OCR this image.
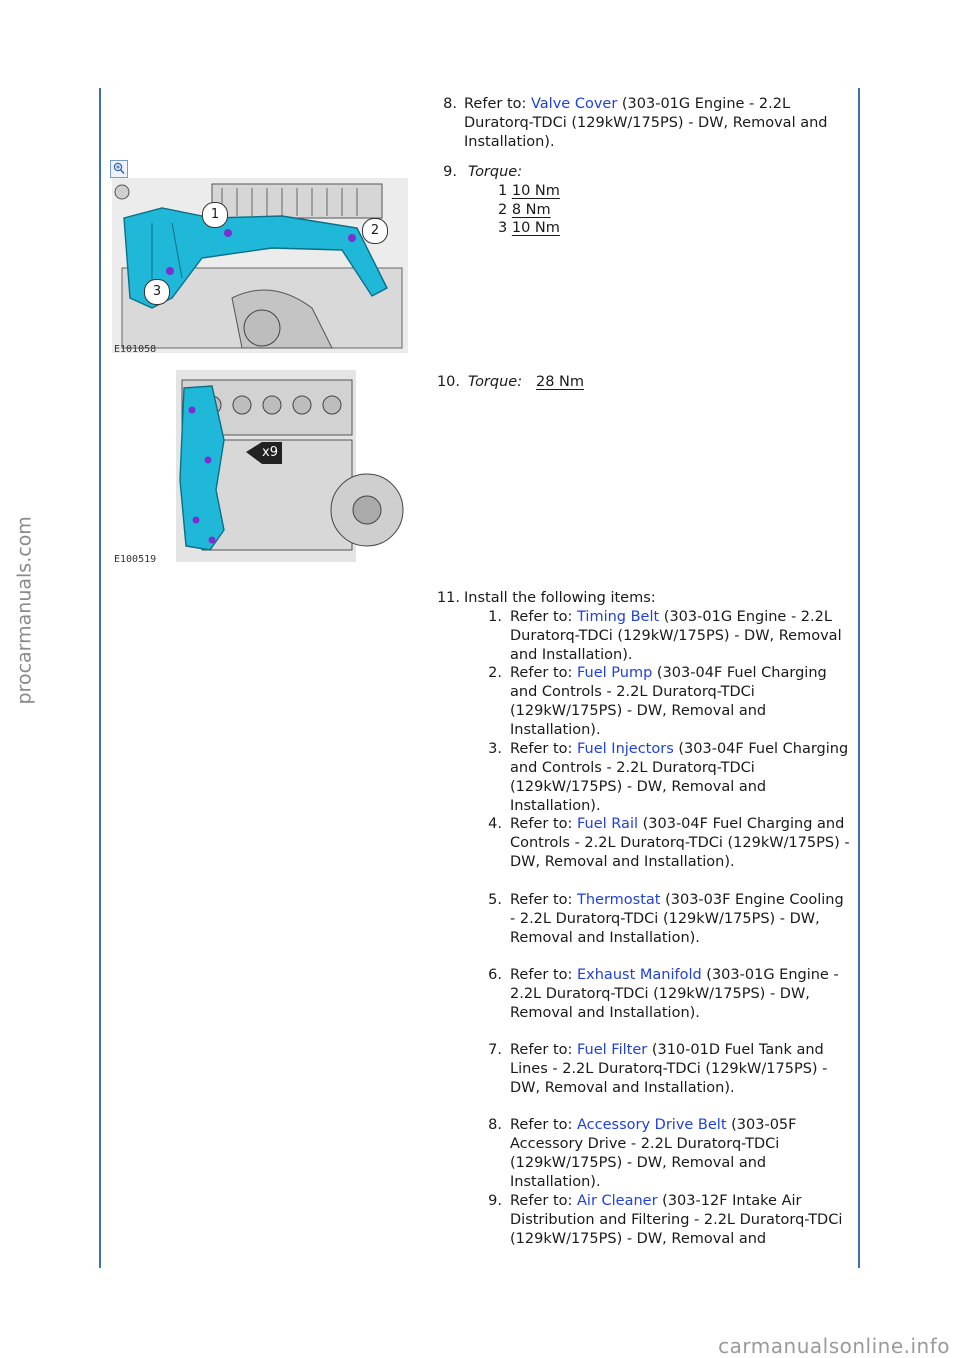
procarmanuals.com
carmanualsonline.info
8. Refer to: Valve Cover (303-01G Engine - 2.2L Duratorq-TDCi (129kW/175PS) - DW, Removal and Installation).
1
2
3
E101058
9. Torque:
1 10 Nm
2 8 Nm
3 10 Nm
x9
E100519
10. Torque: 28 Nm
11. Install the following items:
1. Refer to: Timing Belt (303-01G Engine - 2.2L Duratorq-TDCi (129kW/175PS) - DW, Removal and Installation).
2. Refer to: Fuel Pump (303-04F Fuel Charging and Controls - 2.2L Duratorq-TDCi (129kW/175PS) - DW, Removal and Installation).
3. Refer to: Fuel Injectors (303-04F Fuel Charging and Controls - 2.2L Duratorq-TDCi (129kW/175PS) - DW, Removal and Installation).
4. Refer to: Fuel Rail (303-04F Fuel Charging and Controls - 2.2L Duratorq-TDCi (129kW/175PS) - DW, Removal and Installation).
5. Refer to: Thermostat (303-03F Engine Cooling - 2.2L Duratorq-TDCi (129kW/175PS) - DW, Removal and Installation).
6. Refer to: Exhaust Manifold (303-01G Engine - 2.2L Duratorq-TDCi (129kW/175PS) - DW, Removal and Installation).
7. Refer to: Fuel Filter (310-01D Fuel Tank and Lines - 2.2L Duratorq-TDCi (129kW/175PS) - DW, Removal and Installation).
8. Refer to: Accessory Drive Belt (303-05F Accessory Drive - 2.2L Duratorq-TDCi (129kW/175PS) - DW, Removal and Installation).
9. Refer to: Air Cleaner (303-12F Intake Air Distribution and Filtering - 2.2L Duratorq-TDCi (129kW/175PS) - DW, Removal and
